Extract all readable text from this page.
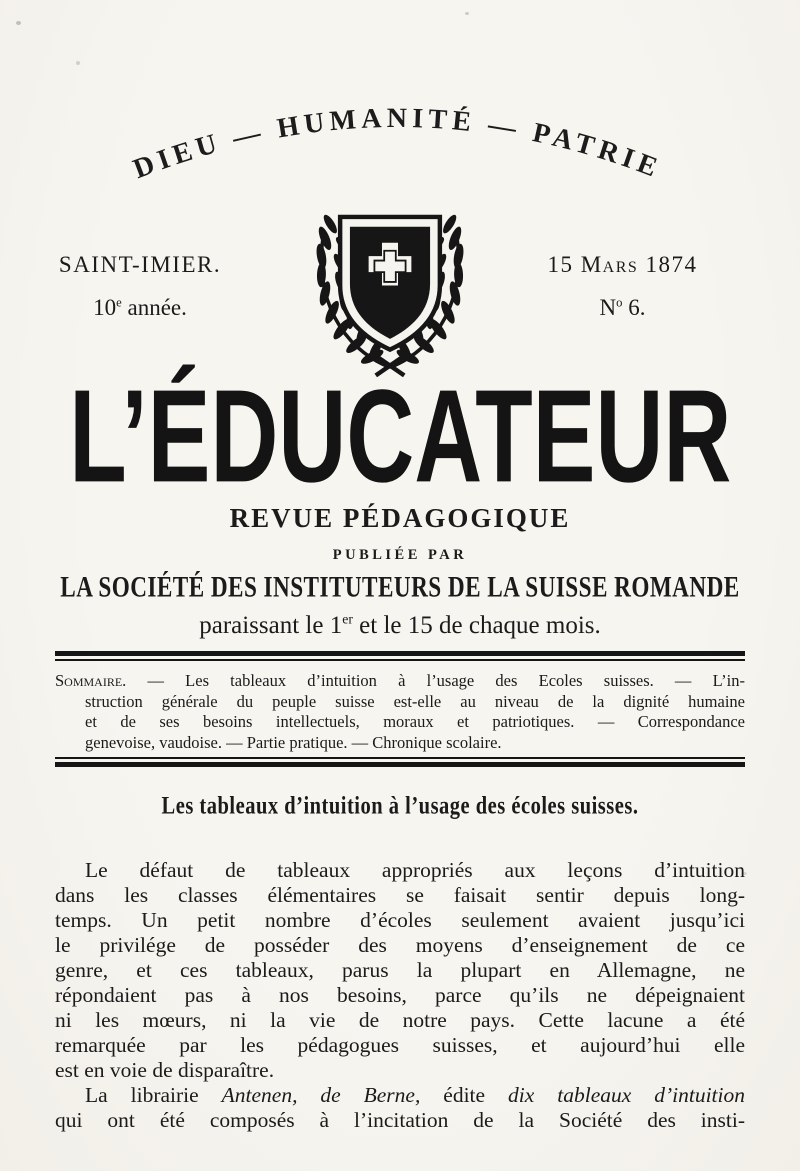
DIEU — HUMANITÉ — PATRIE
SAINT-IMIER.
10e année.
15 Mars 1874
$N^o$ 6.
L’ÉDUCATEUR
REVUE PÉDAGOGIQUE
PUBLIÉE PAR
LA SOCIÉTÉ DES INSTITUTEURS DE LA SUISSE ROMANDE
paraissant le 1er et le 15 de chaque mois.
Sommaire. — Les tableaux d’intuition à l’usage des Ecoles suisses. — L’in-
struction générale du peuple suisse est-elle au niveau de la dignité humaine
et de ses besoins intellectuels, moraux et patriotiques. — Correspondance
genevoise, vaudoise. — Partie pratique. — Chronique scolaire.
Les tableaux d’intuition à l’usage des écoles suisses.
Le défaut de tableaux appropriés aux leçons d’intuition
dans les classes élémentaires se faisait sentir depuis long-
temps. Un petit nombre d’écoles seulement avaient jusqu’ici
le privilége de posséder des moyens d’enseignement de ce
genre, et ces tableaux, parus la plupart en Allemagne, ne
répondaient pas à nos besoins, parce qu’ils ne dépeignaient
ni les mœurs, ni la vie de notre pays. Cette lacune a été
remarquée par les pédagogues suisses, et aujourd’hui elle
est en voie de disparaître.
La librairie Antenen, de Berne, édite dix tableaux d’intuition
qui ont été composés à l’incitation de la Société des insti-
